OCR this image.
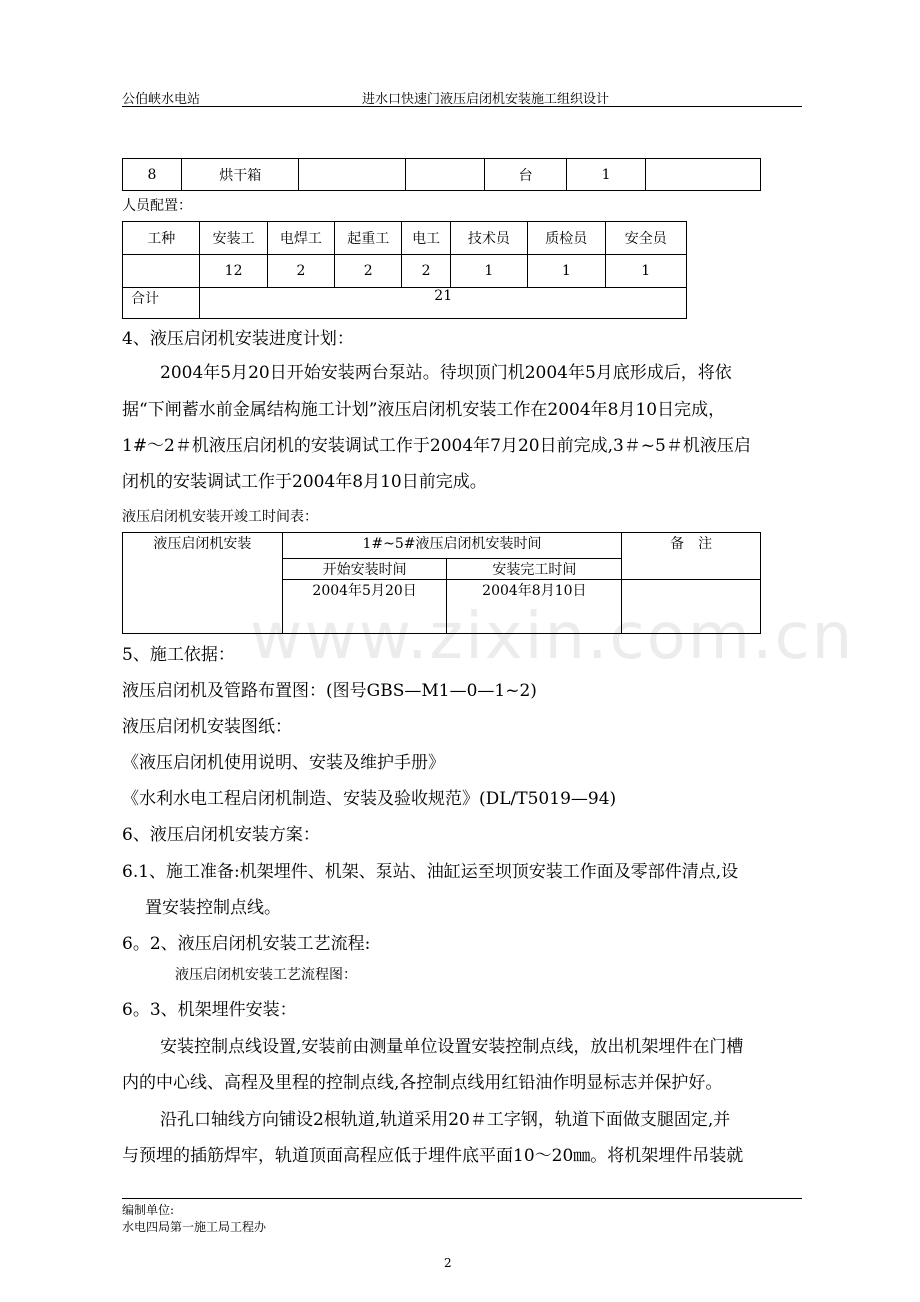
公伯峡水电站	进水口快速门液压启闭机安装施工组织设计
8	烘干箱			台	1	
人员配置：
工种	安装工	电焊工	起重工	电工	技术员	质检员	安全员
	12	2	2	2	1	1	1
合计	21						
4、液压启闭机安装进度计划：
2004年5月20日开始安装两台泵站。待坝顶门机2004年5月底形成后，将依
据“下闸蓄水前金属结构施工计划”液压启闭机安装工作在2004年8月10日完成，
1#～2＃机液压启闭机的安装调试工作于2004年7月20日前完成,3＃~5＃机液压启
闭机的安装调试工作于2004年8月10日前完成。
液压启闭机安装开竣工时间表：
液压启闭机安装	1#~5#液压启闭机安装时间		备　注
	开始安装时间	安装完工时间	
	2004年5月20日	2004年8月10日	
www.zixin.com.cn
5、施工依据：
液压启闭机及管路布置图：(图号GBS—M1—0—1~2)
液压启闭机安装图纸：
《液压启闭机使用说明、安装及维护手册》
《水利水电工程启闭机制造、安装及验收规范》(DL/T5019—94)
6、液压启闭机安装方案：
6.1、施工准备:机架埋件、机架、泵站、油缸运至坝顶安装工作面及零部件清点,设
置安装控制点线。
6。2、液压启闭机安装工艺流程:
液压启闭机安装工艺流程图：
6。3、机架埋件安装：
安装控制点线设置,安装前由测量单位设置安装控制点线，放出机架埋件在门槽
内的中心线、高程及里程的控制点线,各控制点线用红铅油作明显标志并保护好。
沿孔口轴线方向铺设2根轨道,轨道采用20＃工字钢，轨道下面做支腿固定,并
与预埋的插筋焊牢，轨道顶面高程应低于埋件底平面10～20㎜。将机架埋件吊装就
编制单位:
水电四局第一施工局工程办
2
